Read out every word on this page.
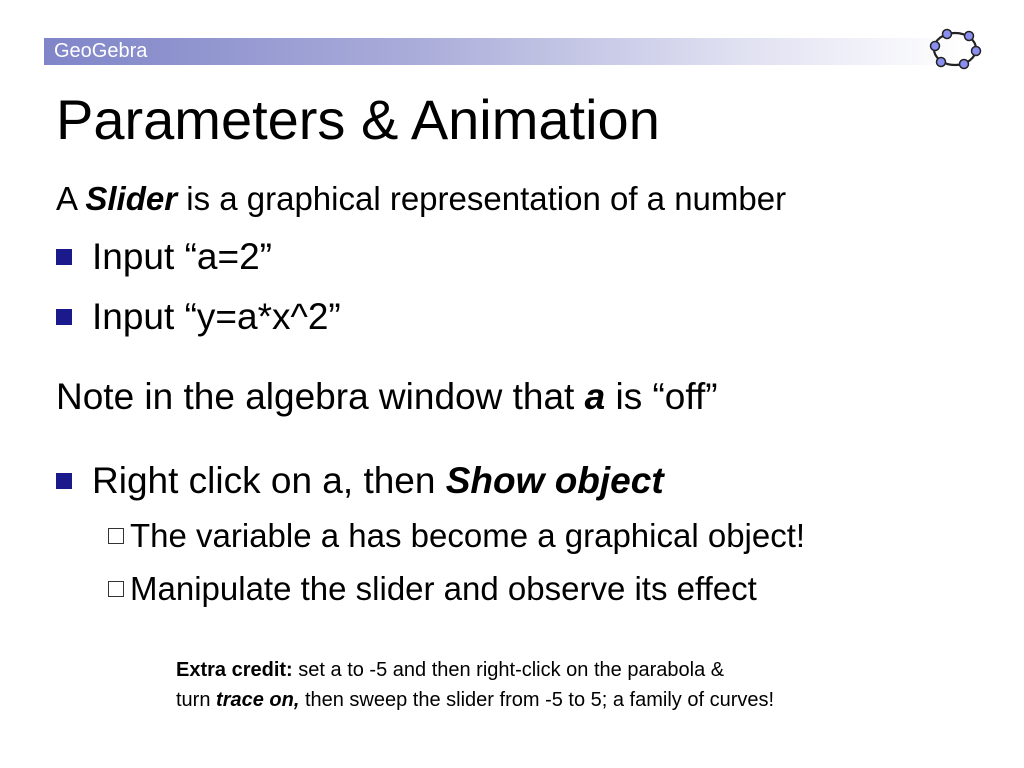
GeoGebra
Parameters & Animation
A Slider is a graphical representation of a number
Input “a=2”
Input “y=a*x^2”
Note in the algebra window that a is “off”
Right click on a, then Show object
The variable a has become a graphical object!
Manipulate the slider and observe its effect
Extra credit: set a to -5 and then right-click on the parabola &
turn trace on, then sweep the slider from -5 to 5; a family of curves!
